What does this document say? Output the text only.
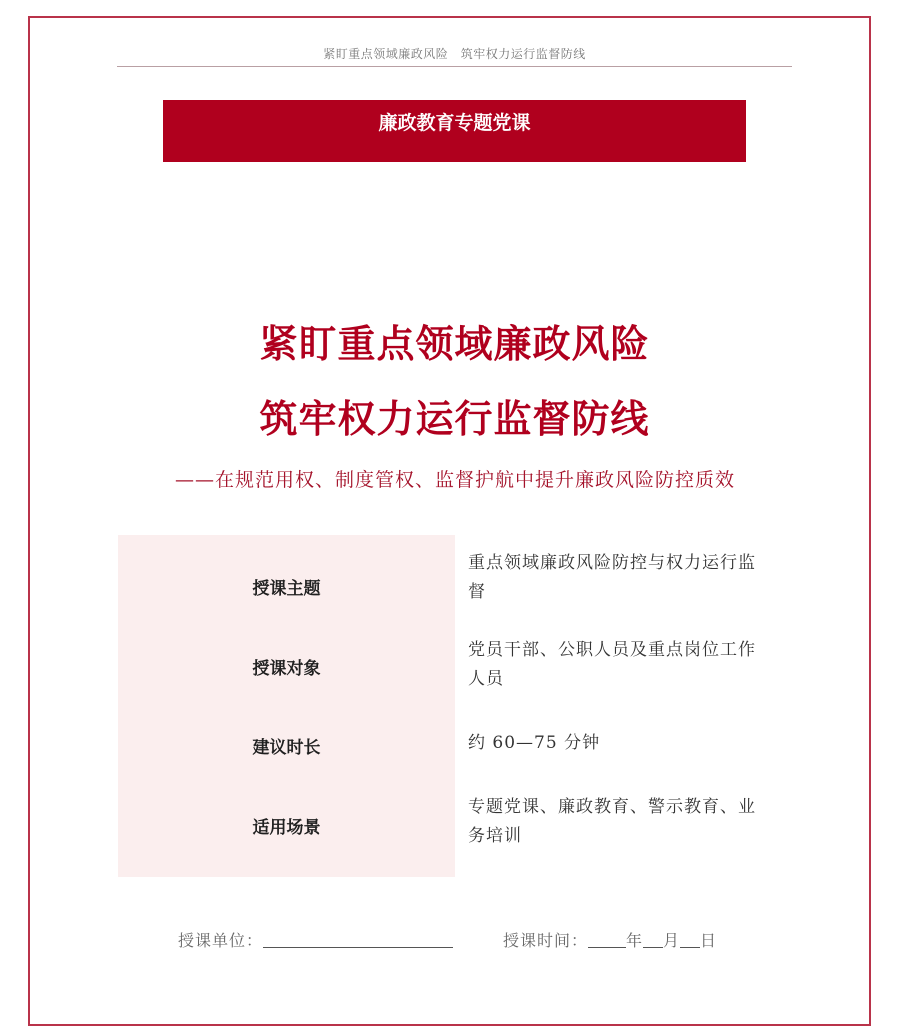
紧盯重点领域廉政风险　筑牢权力运行监督防线
廉政教育专题党课
紧盯重点领域廉政风险
筑牢权力运行监督防线
——在规范用权、制度管权、监督护航中提升廉政风险防控质效
授课主题
重点领域廉政风险防控与权力运行监督
授课对象
党员干部、公职人员及重点岗位工作人员
建议时长	约 60—75 分钟
适用场景
专题党课、廉政教育、警示教育、业务培训
授课单位：	授课时间： 年 月 日
